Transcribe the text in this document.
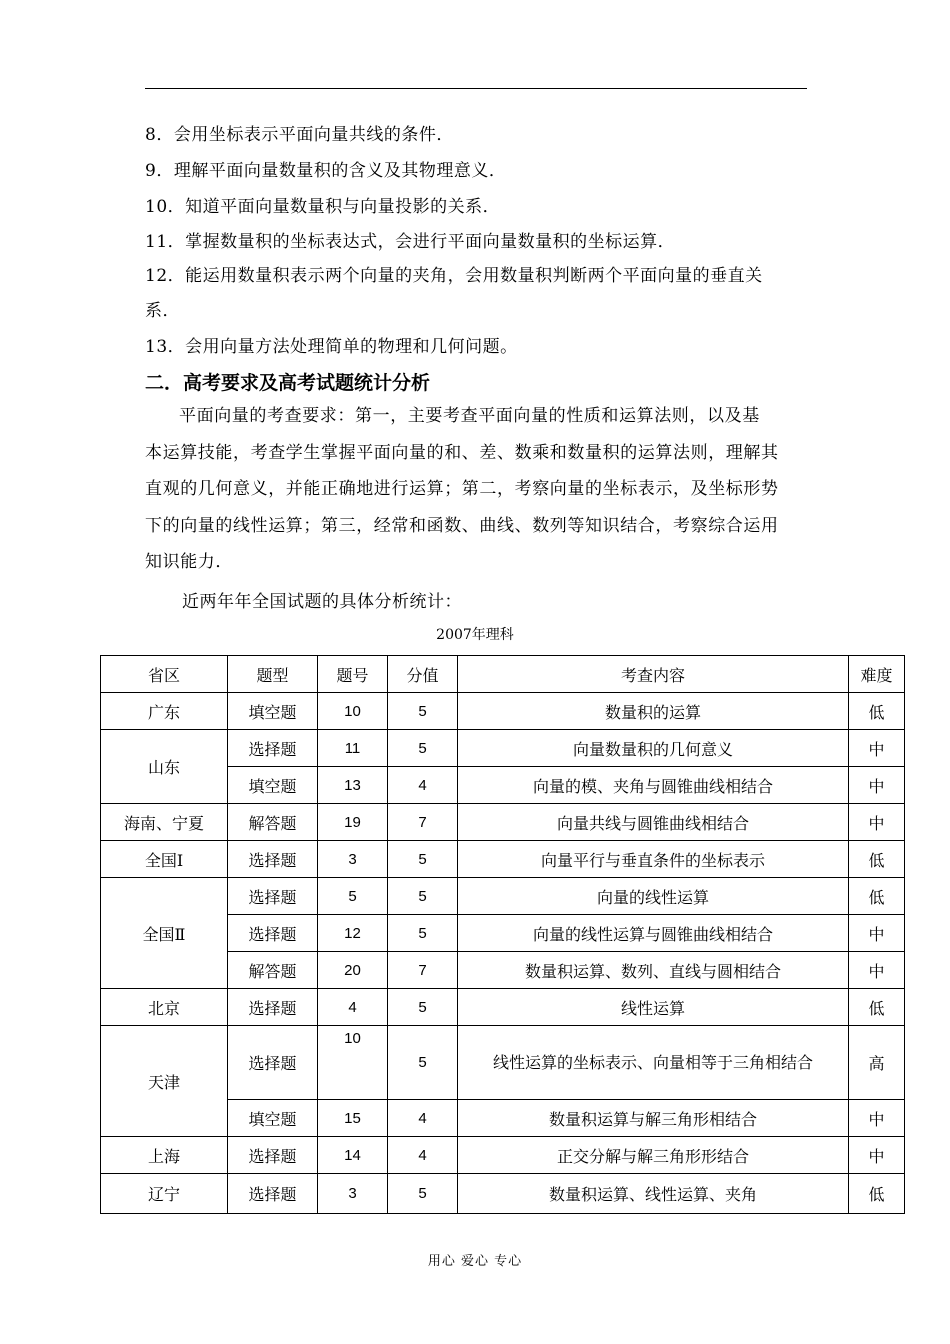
8．会用坐标表示平面向量共线的条件．
9．理解平面向量数量积的含义及其物理意义．
10．知道平面向量数量积与向量投影的关系．
11．掌握数量积的坐标表达式，会进行平面向量数量积的坐标运算．
12．能运用数量积表示两个向量的夹角，会用数量积判断两个平面向量的垂直关
系．
13．会用向量方法处理简单的物理和几何问题。
二．高考要求及高考试题统计分析
平面向量的考查要求：第一，主要考查平面向量的性质和运算法则，以及基
本运算技能，考查学生掌握平面向量的和、差、数乘和数量积的运算法则，理解其
直观的几何意义，并能正确地进行运算；第二，考察向量的坐标表示，及坐标形势
下的向量的线性运算；第三，经常和函数、曲线、数列等知识结合，考察综合运用
知识能力．
近两年年全国试题的具体分析统计：
2007年理科
省区	题型	题号	分值	考查内容	难度
广东	填空题	10	5	数量积的运算	低
山东	选择题	11	5	向量数量积的几何意义	中
	填空题	13	4	向量的模、夹角与圆锥曲线相结合	中
海南、宁夏	解答题	19	7	向量共线与圆锥曲线相结合	中
全国Ⅰ	选择题	3	5	向量平行与垂直条件的坐标表示	低
全国Ⅱ	选择题	5	5	向量的线性运算	低
	选择题	12	5	向量的线性运算与圆锥曲线相结合	中
	解答题	20	7	数量积运算、数列、直线与圆相结合	中
北京	选择题	4	5	线性运算	低
天津	选择题	10	5	线性运算的坐标表示、向量相等于三角相结合	高
	填空题	15	4	数量积运算与解三角形相结合	中
上海	选择题	14	4	正交分解与解三角形形结合	中
辽宁	选择题	3	5	数量积运算、线性运算、夹角	低
用心 爱心 专心
